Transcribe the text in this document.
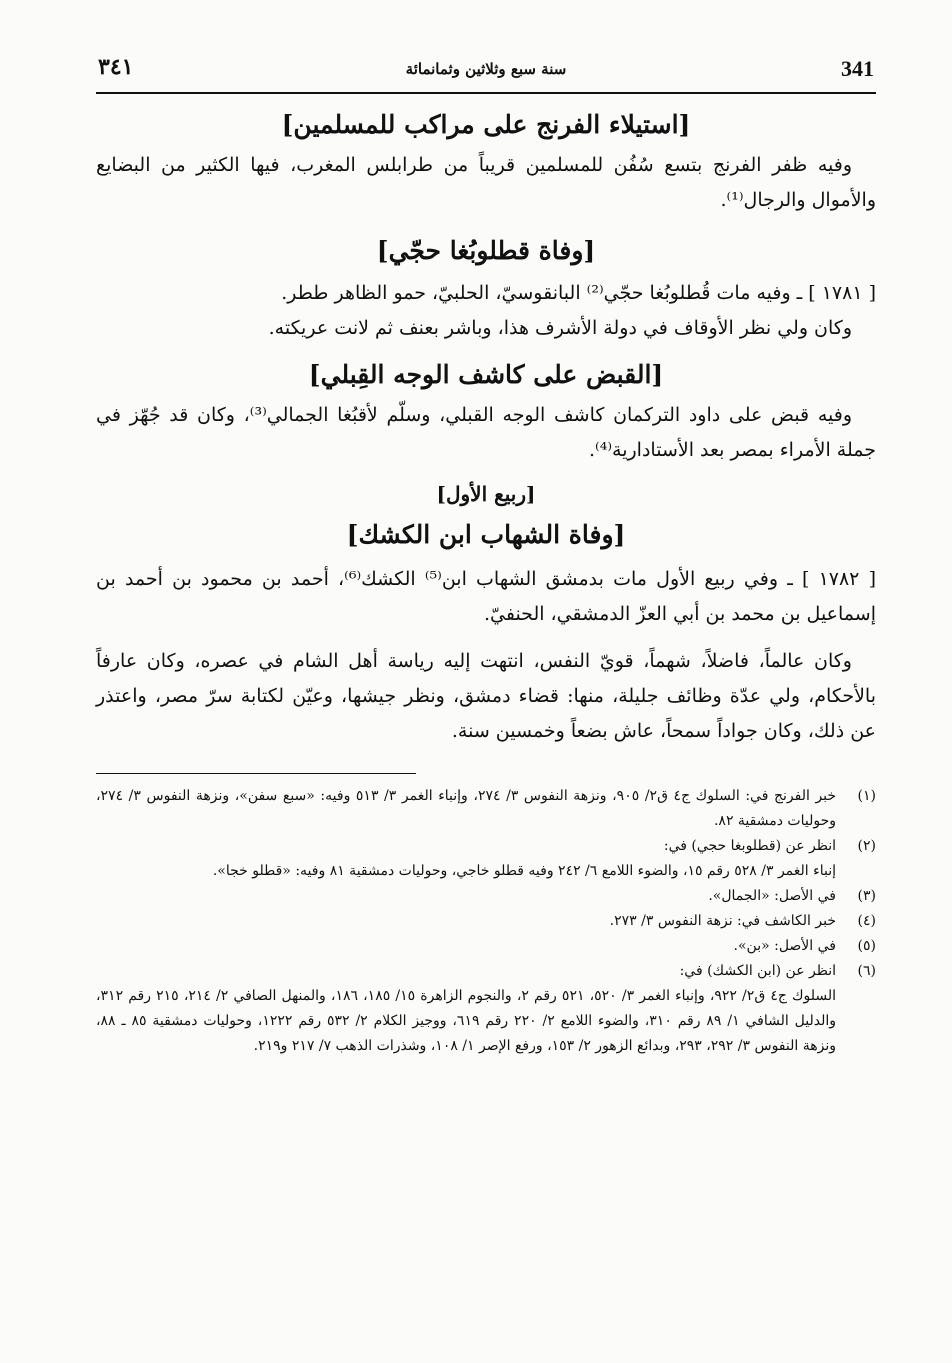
341
سنة سبع وثلاثين وثمانمائة
٣٤١
[استيلاء الفرنج على مراكب للمسلمين]

وفيه ظفر الفرنج بتسع سُفُن للمسلمين قريباً من طرابلس المغرب، فيها الكثير من البضايع والأموال والرجال⁽¹⁾.

[وفاة قطلوبُغا حجّي]

[ ١٧٨١ ] ـ وفيه مات قُطلوبُغا حجّي⁽²⁾ البانقوسيّ، الحلبيّ، حمو الظاهر ططر.

وكان ولي نظر الأوقاف في دولة الأشرف هذا، وباشر بعنف ثم لانت عريكته.

[القبض على كاشف الوجه القِبلي]

وفيه قبض على داود التركمان كاشف الوجه القبلي، وسلّم لأقبُغا الجمالي⁽³⁾، وكان قد جُهّز في جملة الأمراء بمصر بعد الأستادارية⁽⁴⁾.

[ربيع الأول]
[وفاة الشهاب ابن الكشك]

[ ١٧٨٢ ] ـ وفي ربيع الأول مات بدمشق الشهاب ابن⁽⁵⁾ الكشك⁽⁶⁾، أحمد بن محمود بن أحمد بن إسماعيل بن محمد بن أبي العزّ الدمشقي، الحنفيّ.

وكان عالماً، فاضلاً، شهماً، قويّ النفس، انتهت إليه رياسة أهل الشام في عصره، وكان عارفاً بالأحكام، ولي عدّة وظائف جليلة، منها: قضاء دمشق، ونظر جيشها، وعيّن لكتابة سرّ مصر، واعتذر عن ذلك، وكان جواداً سمحاً، عاش بضعاً وخمسين سنة.

(١)
خبر الفرنج في: السلوك ج٤ ق٢/ ٩٠٥، ونزهة النفوس ٣/ ٢٧٤، وإنباء الغمر ٣/ ٥١٣ وفيه: «سبع سفن»، ونزهة النفوس ٣/ ٢٧٤، وحوليات دمشقية ٨٢.
(٢)
انظر عن (قطلوبغا حجي) في:
إنباء الغمر ٣/ ٥٢٨ رقم ١٥، والضوء اللامع ٦/ ٢٤٢ وفيه قطلو خاجي، وحوليات دمشقية ٨١ وفيه: «قطلو خجا».
(٣)
في الأصل: «الجمال».
(٤)
خبر الكاشف في: نزهة النفوس ٣/ ٢٧٣.
(٥)
في الأصل: «بن».
(٦)
انظر عن (ابن الكشك) في:
السلوك ج٤ ق٢/ ٩٢٢، وإنباء الغمر ٣/ ٥٢٠، ٥٢١ رقم ٢، والنجوم الزاهرة ١٥/ ١٨٥، ١٨٦، والمنهل الصافي ٢/ ٢١٤، ٢١٥ رقم ٣١٢، والدليل الشافي ١/ ٨٩ رقم ٣١٠، والضوء اللامع ٢/ ٢٢٠ رقم ٦١٩، ووجيز الكلام ٢/ ٥٣٢ رقم ١٢٢٢، وحوليات دمشقية ٨٥ ـ ٨٨، ونزهة النفوس ٣/ ٢٩٢، ٢٩٣، وبدائع الزهور ٢/ ١٥٣، ورفع الإصر ١/ ١٠٨، وشذرات الذهب ٧/ ٢١٧ و٢١٩.
